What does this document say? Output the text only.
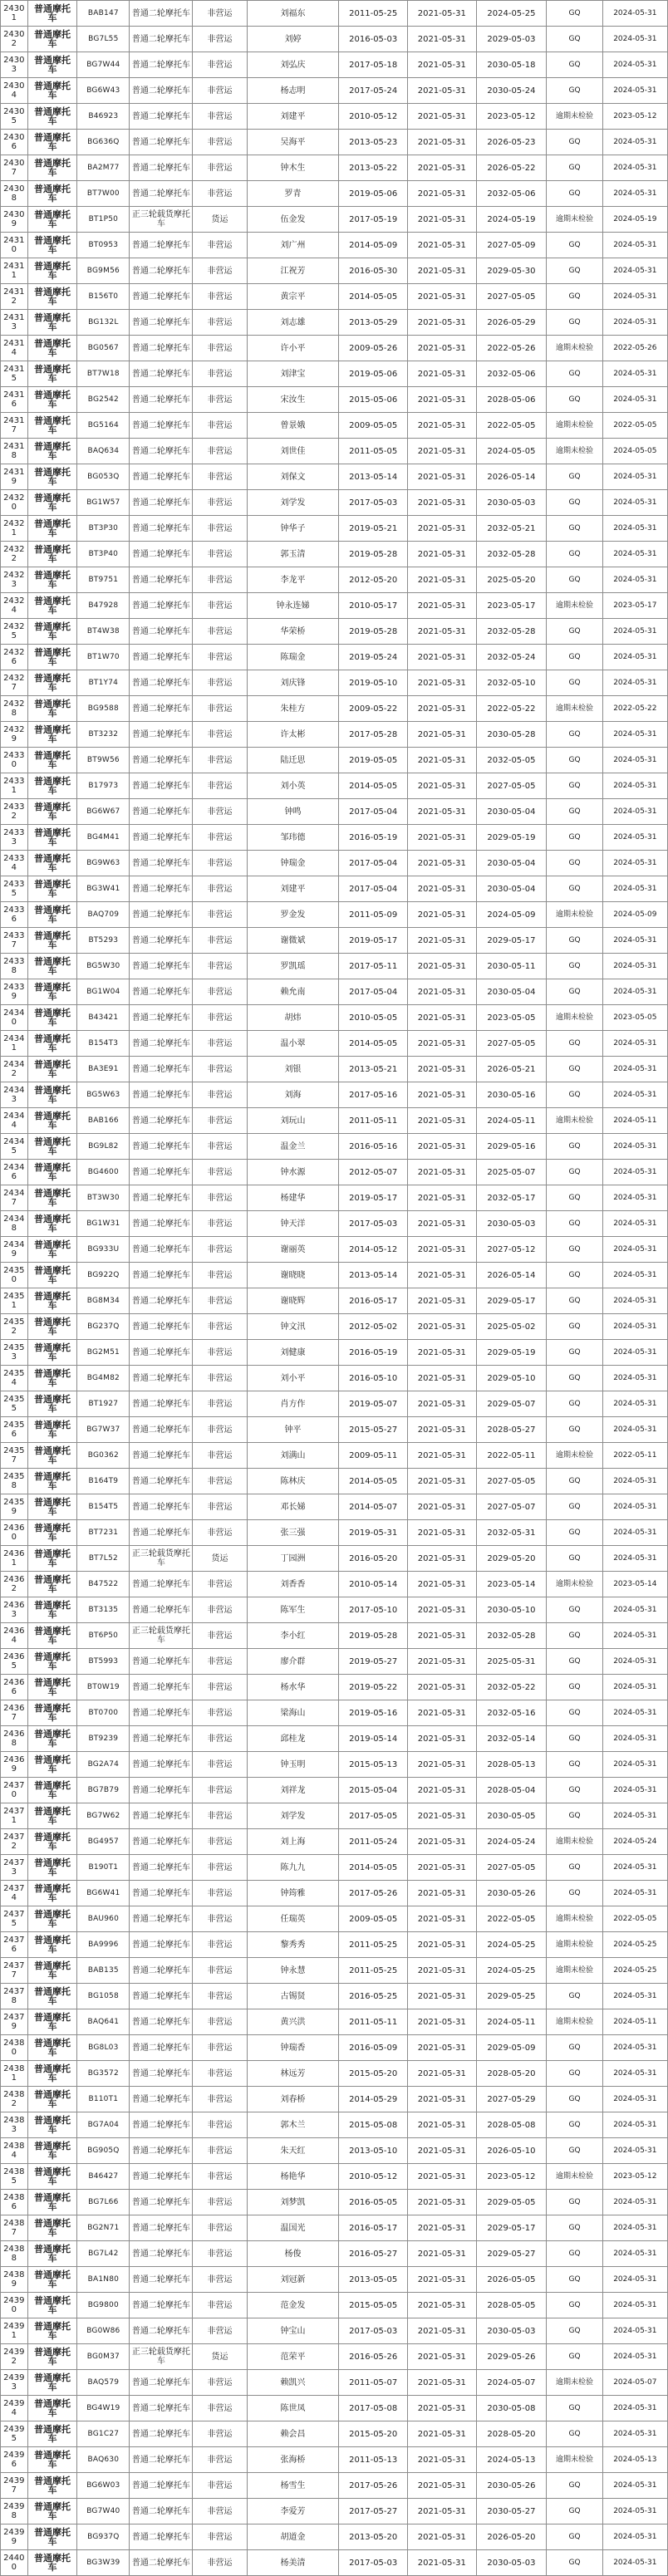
24301	普通摩托车	BAB147	普通二轮摩托车	非营运	刘福东	2011-05-25	2021-05-31	2024-05-25	GQ	2024-05-31
24302	普通摩托车	BG7L55	普通二轮摩托车	非营运	刘婷	2016-05-03	2021-05-31	2029-05-03	GQ	2024-05-31
24303	普通摩托车	BG7W44	普通二轮摩托车	非营运	刘弘庆	2017-05-18	2021-05-31	2030-05-18	GQ	2024-05-31
24304	普通摩托车	BG6W43	普通二轮摩托车	非营运	杨志明	2017-05-24	2021-05-31	2030-05-24	GQ	2024-05-31
24305	普通摩托车	B46923	普通二轮摩托车	非营运	刘建平	2010-05-12	2021-05-31	2023-05-12	逾期未检验	2023-05-12
24306	普通摩托车	BG636Q	普通二轮摩托车	非营运	吴海平	2013-05-23	2021-05-31	2026-05-23	GQ	2024-05-31
24307	普通摩托车	BA2M77	普通二轮摩托车	非营运	钟木生	2013-05-22	2021-05-31	2026-05-22	GQ	2024-05-31
24308	普通摩托车	BT7W00	普通二轮摩托车	非营运	罗青	2019-05-06	2021-05-31	2032-05-06	GQ	2024-05-31
24309	普通摩托车	BT1P50	正三轮载货摩托车	货运	伍金发	2017-05-19	2021-05-31	2024-05-19	逾期未检验	2024-05-19
24310	普通摩托车	BT0953	普通二轮摩托车	非营运	刘广州	2014-05-09	2021-05-31	2027-05-09	GQ	2024-05-31
24311	普通摩托车	BG9M56	普通二轮摩托车	非营运	江祝芳	2016-05-30	2021-05-31	2029-05-30	GQ	2024-05-31
24312	普通摩托车	B156T0	普通二轮摩托车	非营运	黄宗平	2014-05-05	2021-05-31	2027-05-05	GQ	2024-05-31
24313	普通摩托车	BG132L	普通二轮摩托车	非营运	刘志雄	2013-05-29	2021-05-31	2026-05-29	GQ	2024-05-31
24314	普通摩托车	BG0567	普通二轮摩托车	非营运	许小平	2009-05-26	2021-05-31	2022-05-26	逾期未检验	2022-05-26
24315	普通摩托车	BT7W18	普通二轮摩托车	非营运	刘津宝	2019-05-06	2021-05-31	2032-05-06	GQ	2024-05-31
24316	普通摩托车	BG2542	普通二轮摩托车	非营运	宋汝生	2015-05-06	2021-05-31	2028-05-06	GQ	2024-05-31
24317	普通摩托车	BG5164	普通二轮摩托车	非营运	曾景娥	2009-05-05	2021-05-31	2022-05-05	逾期未检验	2022-05-05
24318	普通摩托车	BAQ634	普通二轮摩托车	非营运	刘世佳	2011-05-05	2021-05-31	2024-05-05	逾期未检验	2024-05-05
24319	普通摩托车	BG053Q	普通二轮摩托车	非营运	刘保文	2013-05-14	2021-05-31	2026-05-14	GQ	2024-05-31
24320	普通摩托车	BG1W57	普通二轮摩托车	非营运	刘学发	2017-05-03	2021-05-31	2030-05-03	GQ	2024-05-31
24321	普通摩托车	BT3P30	普通二轮摩托车	非营运	钟华子	2019-05-21	2021-05-31	2032-05-21	GQ	2024-05-31
24322	普通摩托车	BT3P40	普通二轮摩托车	非营运	郭玉清	2019-05-28	2021-05-31	2032-05-28	GQ	2024-05-31
24323	普通摩托车	BT9751	普通二轮摩托车	非营运	李龙平	2012-05-20	2021-05-31	2025-05-20	GQ	2024-05-31
24324	普通摩托车	B47928	普通二轮摩托车	非营运	钟永连娣	2010-05-17	2021-05-31	2023-05-17	逾期未检验	2023-05-17
24325	普通摩托车	BT4W38	普通二轮摩托车	非营运	华荣桥	2019-05-28	2021-05-31	2032-05-28	GQ	2024-05-31
24326	普通摩托车	BT1W70	普通二轮摩托车	非营运	陈瑞金	2019-05-24	2021-05-31	2032-05-24	GQ	2024-05-31
24327	普通摩托车	BT1Y74	普通二轮摩托车	非营运	刘庆锋	2019-05-10	2021-05-31	2032-05-10	GQ	2024-05-31
24328	普通摩托车	BG9588	普通二轮摩托车	非营运	朱桂方	2009-05-22	2021-05-31	2022-05-22	逾期未检验	2022-05-22
24329	普通摩托车	BT3232	普通二轮摩托车	非营运	许太彬	2017-05-28	2021-05-31	2030-05-28	GQ	2024-05-31
24330	普通摩托车	BT9W56	普通二轮摩托车	非营运	陆迁思	2019-05-05	2021-05-31	2032-05-05	GQ	2024-05-31
24331	普通摩托车	B17973	普通二轮摩托车	非营运	刘小英	2014-05-05	2021-05-31	2027-05-05	GQ	2024-05-31
24332	普通摩托车	BG6W67	普通二轮摩托车	非营运	钟鸣	2017-05-04	2021-05-31	2030-05-04	GQ	2024-05-31
24333	普通摩托车	BG4M41	普通二轮摩托车	非营运	邹玮德	2016-05-19	2021-05-31	2029-05-19	GQ	2024-05-31
24334	普通摩托车	BG9W63	普通二轮摩托车	非营运	钟瑞金	2017-05-04	2021-05-31	2030-05-04	GQ	2024-05-31
24335	普通摩托车	BG3W41	普通二轮摩托车	非营运	刘建平	2017-05-04	2021-05-31	2030-05-04	GQ	2024-05-31
24336	普通摩托车	BAQ709	普通二轮摩托车	非营运	罗金发	2011-05-09	2021-05-31	2024-05-09	逾期未检验	2024-05-09
24337	普通摩托车	BT5293	普通二轮摩托车	非营运	谢微斌	2019-05-17	2021-05-31	2029-05-17	GQ	2024-05-31
24338	普通摩托车	BG5W30	普通二轮摩托车	非营运	罗凯瑶	2017-05-11	2021-05-31	2030-05-11	GQ	2024-05-31
24339	普通摩托车	BG1W04	普通二轮摩托车	非营运	赖允南	2017-05-04	2021-05-31	2030-05-04	GQ	2024-05-31
24340	普通摩托车	B43421	普通二轮摩托车	非营运	胡炜	2010-05-05	2021-05-31	2023-05-05	逾期未检验	2023-05-05
24341	普通摩托车	B154T3	普通二轮摩托车	非营运	温小翠	2014-05-05	2021-05-31	2027-05-05	GQ	2024-05-31
24342	普通摩托车	BA3E91	普通二轮摩托车	非营运	刘银	2013-05-21	2021-05-31	2026-05-21	GQ	2024-05-31
24343	普通摩托车	BG5W63	普通二轮摩托车	非营运	刘海	2017-05-16	2021-05-31	2030-05-16	GQ	2024-05-31
24344	普通摩托车	BAB166	普通二轮摩托车	非营运	刘玩山	2011-05-11	2021-05-31	2024-05-11	逾期未检验	2024-05-11
24345	普通摩托车	BG9L82	普通二轮摩托车	非营运	温金兰	2016-05-16	2021-05-31	2029-05-16	GQ	2024-05-31
24346	普通摩托车	BG4600	普通二轮摩托车	非营运	钟水源	2012-05-07	2021-05-31	2025-05-07	GQ	2024-05-31
24347	普通摩托车	BT3W30	普通二轮摩托车	非营运	杨建华	2019-05-17	2021-05-31	2032-05-17	GQ	2024-05-31
24348	普通摩托车	BG1W31	普通二轮摩托车	非营运	钟天洋	2017-05-03	2021-05-31	2030-05-03	GQ	2024-05-31
24349	普通摩托车	BG933U	普通二轮摩托车	非营运	谢丽英	2014-05-12	2021-05-31	2027-05-12	GQ	2024-05-31
24350	普通摩托车	BG922Q	普通二轮摩托车	非营运	谢晓晓	2013-05-14	2021-05-31	2026-05-14	GQ	2024-05-31
24351	普通摩托车	BG8M34	普通二轮摩托车	非营运	谢晓辉	2016-05-17	2021-05-31	2029-05-17	GQ	2024-05-31
24352	普通摩托车	BG237Q	普通二轮摩托车	非营运	钟文汛	2012-05-02	2021-05-31	2025-05-02	GQ	2024-05-31
24353	普通摩托车	BG2M51	普通二轮摩托车	非营运	刘健康	2016-05-19	2021-05-31	2029-05-19	GQ	2024-05-31
24354	普通摩托车	BG4M82	普通二轮摩托车	非营运	刘小平	2016-05-10	2021-05-31	2029-05-10	GQ	2024-05-31
24355	普通摩托车	BT1927	普通二轮摩托车	非营运	肖方作	2019-05-07	2021-05-31	2029-05-07	GQ	2024-05-31
24356	普通摩托车	BG7W37	普通二轮摩托车	非营运	钟平	2015-05-27	2021-05-31	2028-05-27	GQ	2024-05-31
24357	普通摩托车	BG0362	普通二轮摩托车	非营运	刘满山	2009-05-11	2021-05-31	2022-05-11	逾期未检验	2022-05-11
24358	普通摩托车	B164T9	普通二轮摩托车	非营运	陈林庆	2014-05-05	2021-05-31	2027-05-05	GQ	2024-05-31
24359	普通摩托车	B154T5	普通二轮摩托车	非营运	邓长娣	2014-05-07	2021-05-31	2027-05-07	GQ	2024-05-31
24360	普通摩托车	BT7231	普通二轮摩托车	非营运	张三强	2019-05-31	2021-05-31	2032-05-31	GQ	2024-05-31
24361	普通摩托车	BT7L52	正三轮载货摩托车	货运	丁园洲	2016-05-20	2021-05-31	2029-05-20	GQ	2024-05-31
24362	普通摩托车	B47522	普通二轮摩托车	非营运	刘香香	2010-05-14	2021-05-31	2023-05-14	逾期未检验	2023-05-14
24363	普通摩托车	BT3135	普通二轮摩托车	非营运	陈军生	2017-05-10	2021-05-31	2030-05-10	GQ	2024-05-31
24364	普通摩托车	BT6P50	正三轮载货摩托车	非营运	李小红	2019-05-28	2021-05-31	2032-05-28	GQ	2024-05-31
24365	普通摩托车	BT5993	普通二轮摩托车	非营运	廖介群	2019-05-27	2021-05-31	2025-05-31	GQ	2024-05-31
24366	普通摩托车	BT0W19	普通二轮摩托车	非营运	杨水华	2019-05-22	2021-05-31	2032-05-22	GQ	2024-05-31
24367	普通摩托车	BT0700	普通二轮摩托车	非营运	梁海山	2019-05-16	2021-05-31	2032-05-16	GQ	2024-05-31
24368	普通摩托车	BT9239	普通二轮摩托车	非营运	邱桂龙	2019-05-14	2021-05-31	2032-05-14	GQ	2024-05-31
24369	普通摩托车	BG2A74	普通二轮摩托车	非营运	钟玉明	2015-05-13	2021-05-31	2028-05-13	GQ	2024-05-31
24370	普通摩托车	BG7B79	普通二轮摩托车	非营运	刘祥龙	2015-05-04	2021-05-31	2028-05-04	GQ	2024-05-31
24371	普通摩托车	BG7W62	普通二轮摩托车	非营运	刘学发	2017-05-05	2021-05-31	2030-05-05	GQ	2024-05-31
24372	普通摩托车	BG4957	普通二轮摩托车	非营运	刘上海	2011-05-24	2021-05-31	2024-05-24	逾期未检验	2024-05-24
24373	普通摩托车	B190T1	普通二轮摩托车	非营运	陈九九	2014-05-05	2021-05-31	2027-05-05	GQ	2024-05-31
24374	普通摩托车	BG6W41	普通二轮摩托车	非营运	钟筠雅	2017-05-26	2021-05-31	2030-05-26	GQ	2024-05-31
24375	普通摩托车	BAU960	普通二轮摩托车	非营运	任瑞英	2009-05-05	2021-05-31	2022-05-05	逾期未检验	2022-05-05
24376	普通摩托车	BA9996	普通二轮摩托车	非营运	黎秀秀	2011-05-25	2021-05-31	2024-05-25	逾期未检验	2024-05-25
24377	普通摩托车	BAB135	普通二轮摩托车	非营运	钟永慧	2011-05-25	2021-05-31	2024-05-25	逾期未检验	2024-05-25
24378	普通摩托车	BG1058	普通二轮摩托车	非营运	古锡贤	2016-05-25	2021-05-31	2029-05-25	GQ	2024-05-31
24379	普通摩托车	BAQ641	普通二轮摩托车	非营运	黄兴洪	2011-05-11	2021-05-31	2024-05-11	逾期未检验	2024-05-11
24380	普通摩托车	BG8L03	普通二轮摩托车	非营运	钟瑞香	2016-05-09	2021-05-31	2029-05-09	GQ	2024-05-31
24381	普通摩托车	BG3572	普通二轮摩托车	非营运	林远芳	2015-05-20	2021-05-31	2028-05-20	GQ	2024-05-31
24382	普通摩托车	B110T1	普通二轮摩托车	非营运	刘春桥	2014-05-29	2021-05-31	2027-05-29	GQ	2024-05-31
24383	普通摩托车	BG7A04	普通二轮摩托车	非营运	郭木兰	2015-05-08	2021-05-31	2028-05-08	GQ	2024-05-31
24384	普通摩托车	BG905Q	普通二轮摩托车	非营运	朱天红	2013-05-10	2021-05-31	2026-05-10	GQ	2024-05-31
24385	普通摩托车	B46427	普通二轮摩托车	非营运	杨艳华	2010-05-12	2021-05-31	2023-05-12	逾期未检验	2023-05-12
24386	普通摩托车	BG7L66	普通二轮摩托车	非营运	刘梦凯	2016-05-05	2021-05-31	2029-05-05	GQ	2024-05-31
24387	普通摩托车	BG2N71	普通二轮摩托车	非营运	温国光	2016-05-17	2021-05-31	2029-05-17	GQ	2024-05-31
24388	普通摩托车	BG7L42	普通二轮摩托车	非营运	杨俊	2016-05-27	2021-05-31	2029-05-27	GQ	2024-05-31
24389	普通摩托车	BA1N80	普通二轮摩托车	非营运	刘冠新	2013-05-05	2021-05-31	2026-05-05	GQ	2024-05-31
24390	普通摩托车	BG9800	普通二轮摩托车	非营运	范金发	2015-05-05	2021-05-31	2028-05-05	GQ	2024-05-31
24391	普通摩托车	BG0W86	普通二轮摩托车	非营运	钟宝山	2017-05-03	2021-05-31	2030-05-03	GQ	2024-05-31
24392	普通摩托车	BG0M37	正三轮载货摩托车	货运	范荣平	2016-05-26	2021-05-31	2029-05-26	GQ	2024-05-31
24393	普通摩托车	BAQ579	普通二轮摩托车	非营运	赖凯兴	2011-05-07	2021-05-31	2024-05-07	逾期未检验	2024-05-07
24394	普通摩托车	BG4W19	普通二轮摩托车	非营运	陈世凤	2017-05-08	2021-05-31	2030-05-08	GQ	2024-05-31
24395	普通摩托车	BG1C27	普通二轮摩托车	非营运	赖会昌	2015-05-20	2021-05-31	2028-05-20	GQ	2024-05-31
24396	普通摩托车	BAQ630	普通二轮摩托车	非营运	张海桥	2011-05-13	2021-05-31	2024-05-13	逾期未检验	2024-05-13
24397	普通摩托车	BG6W03	普通二轮摩托车	非营运	杨雪生	2017-05-26	2021-05-31	2030-05-26	GQ	2024-05-31
24398	普通摩托车	BG7W40	普通二轮摩托车	非营运	李爱芳	2017-05-27	2021-05-31	2030-05-27	GQ	2024-05-31
24399	普通摩托车	BG937Q	普通二轮摩托车	非营运	胡道金	2013-05-20	2021-05-31	2026-05-20	GQ	2024-05-31
24400	普通摩托车	BG3W39	普通二轮摩托车	非营运	杨美清	2017-05-03	2021-05-31	2030-05-03	GQ	2024-05-31
